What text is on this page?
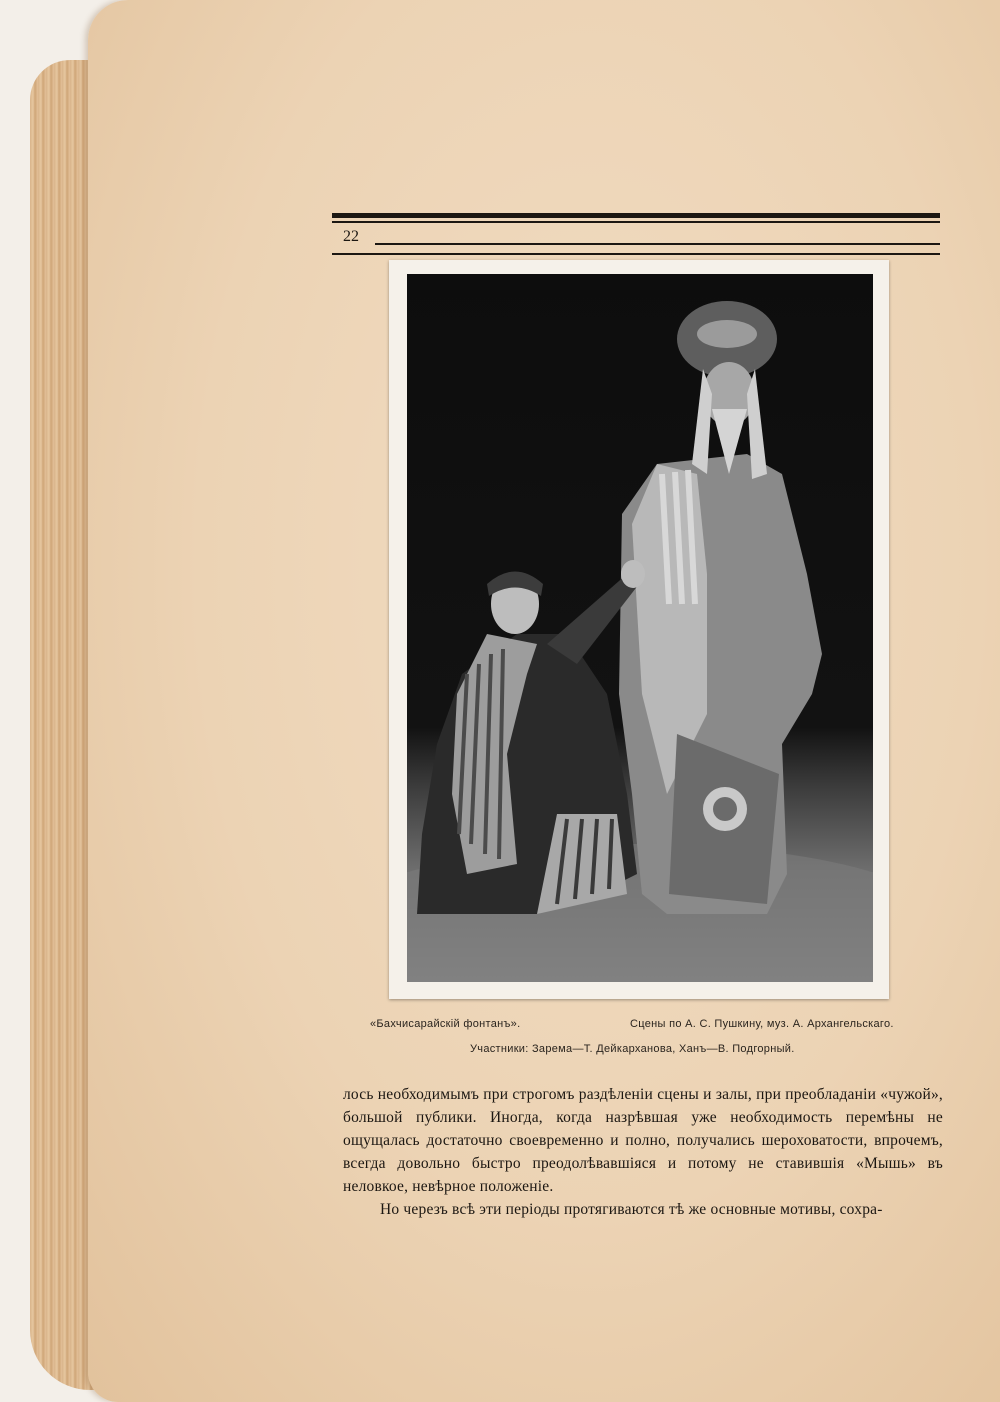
22
«Бахчисарайскій фонтанъ».	Сцены по А. С. Пушкину, муз. А. Архангельскаго.
Участники: Зарема—Т. Дейкарханова, Ханъ—В. Подгорный.

лось необходимымъ при строгомъ раздѣленіи сцены и залы, при преобладаніи «чужой», большой публики. Иногда, когда назрѣвшая уже необходимость перемѣны не ощущалась достаточно своевременно и полно, получались шероховатости, впрочемъ, всегда довольно быстро преодолѣвавшіяся и потому не ставившія «Мышь» въ неловкое, невѣрное положеніе.

Но черезъ всѣ эти періоды протягиваются тѣ же основные мотивы, сохра-
